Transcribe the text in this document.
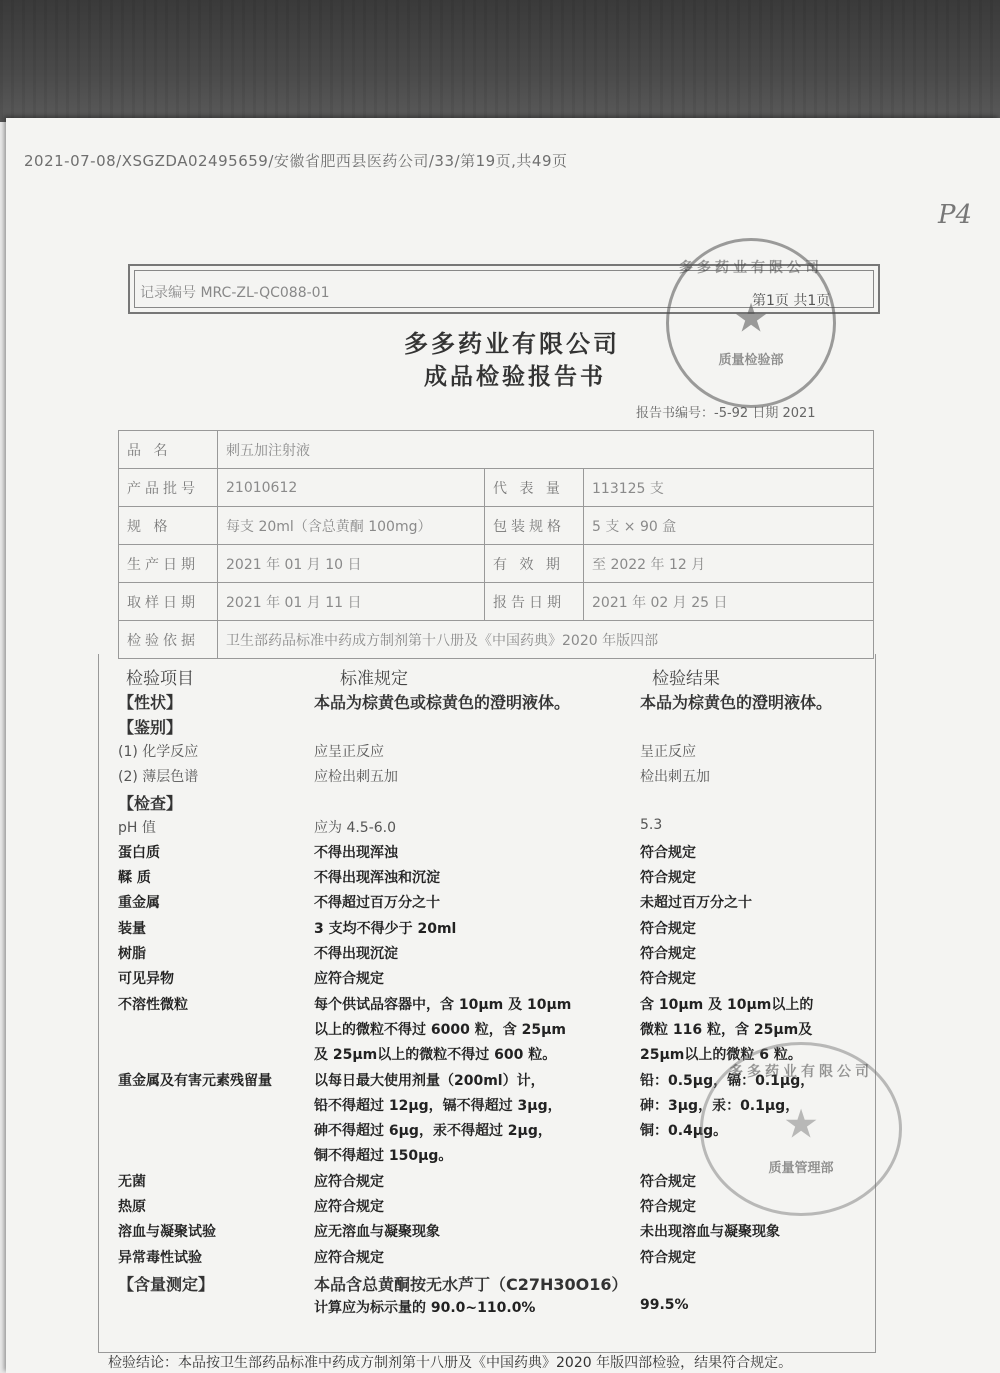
2021-07-08/XSGZDA02495659/安徽省肥西县医药公司/33/第19页,共49页
P4
记录编号 MRC-ZL-QC088-01	第1页 共1页
多多药业有限公司
成品检验报告书
报告书编号：-5-92 日期 2021
多多药业有限公司
★
质量检验部
品 名	刺五加注射液		
产品批号	21010612	代 表 量	113125 支
规 格	每支 20ml（含总黄酮 100mg）	包装规格	5 支 × 90 盒
生产日期	2021 年 01 月 10 日	有 效 期	至 2022 年 12 月
取样日期	2021 年 01 月 11 日	报告日期	2021 年 02 月 25 日
检验依据	卫生部药品标准中药成方制剂第十八册及《中国药典》2020 年版四部		
检验项目	标准规定	检验结果
【性状】	本品为棕黄色或棕黄色的澄明液体。	本品为棕黄色的澄明液体。
【鉴别】
(1) 化学反应	应呈正反应	呈正反应
(2) 薄层色谱	应检出刺五加	检出刺五加
【检查】
pH 值	应为 4.5-6.0	5.3
蛋白质	不得出现浑浊	符合规定
鞣 质	不得出现浑浊和沉淀	符合规定
重金属	不得超过百万分之十	未超过百万分之十
装量	3 支均不得少于 20ml	符合规定
树脂	不得出现沉淀	符合规定
可见异物	应符合规定	符合规定
不溶性微粒	每个供试品容器中，含 10μm 及 10μm	含 10μm 及 10μm以上的
以上的微粒不得过 6000 粒，含 25μm	微粒 116 粒，含 25μm及
及 25μm以上的微粒不得过 600 粒。	25μm以上的微粒 6 粒。
重金属及有害元素残留量	以每日最大使用剂量（200ml）计，	铅：0.5μg，镉：0.1μg，
铅不得超过 12μg，镉不得超过 3μg，	砷：3μg，汞：0.1μg，
砷不得超过 6μg，汞不得超过 2μg，	铜：0.4μg。
铜不得超过 150μg。
无菌	应符合规定	符合规定
热原	应符合规定	符合规定
溶血与凝聚试验	应无溶血与凝聚现象	未出现溶血与凝聚现象
异常毒性试验	应符合规定	符合规定
【含量测定】	本品含总黄酮按无水芦丁（C27H30O16）
计算应为标示量的 90.0~110.0%	99.5%
多多药业有限公司
★
质量管理部
检验结论：本品按卫生部药品标准中药成方制剂第十八册及《中国药典》2020 年版四部检验，结果符合规定。
